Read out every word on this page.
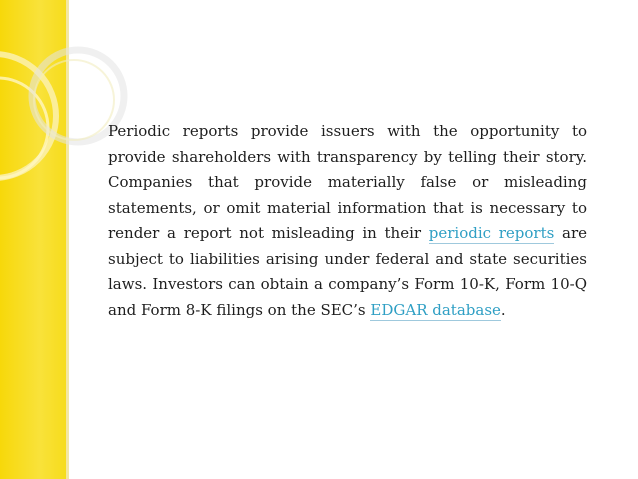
Periodic reports provide issuers with the opportunity to provide shareholders with transparency by telling their story. Companies that provide materially false or misleading statements, or omit material information that is necessary to render a report not misleading in their periodic reports are subject to liabilities arising under federal and state securities laws. Investors can obtain a company’s Form 10-K, Form 10-Q and Form 8-K filings on the SEC’s EDGAR database.
